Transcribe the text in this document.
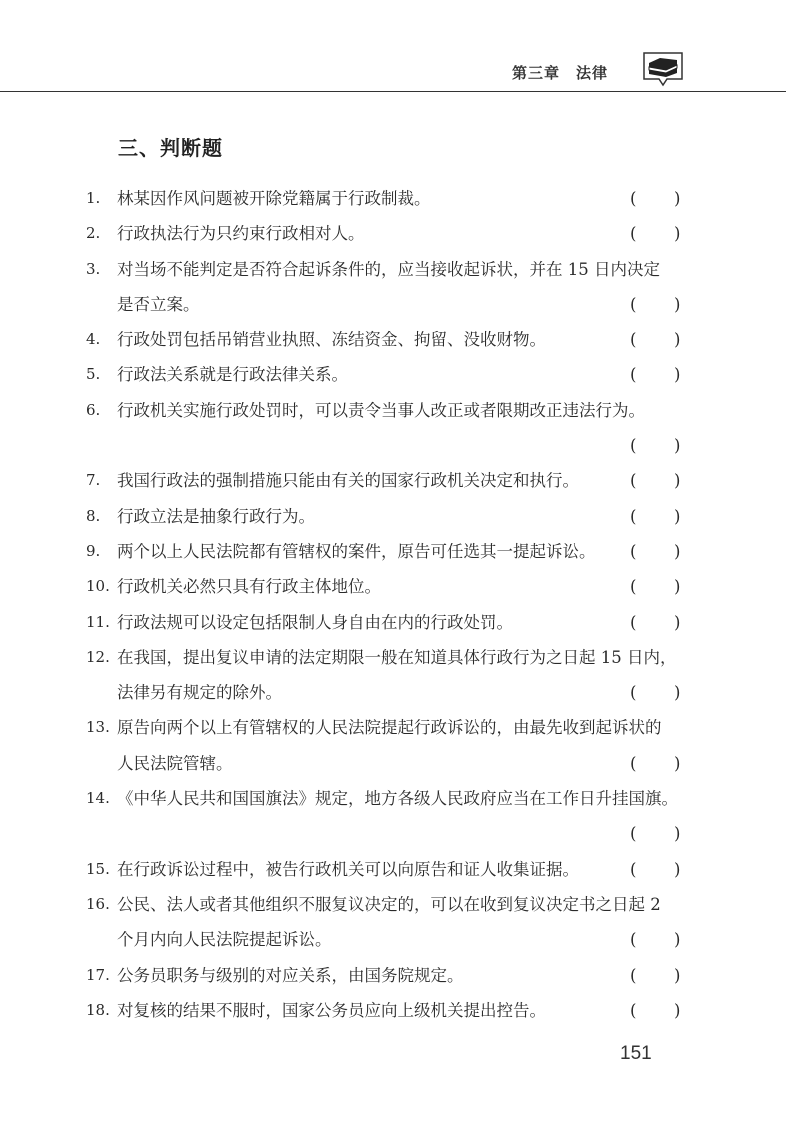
第三章　法律
三、判断题
1. 林某因作风问题被开除党籍属于行政制裁。	( )
2. 行政执法行为只约束行政相对人。	( )
3. 对当场不能判定是否符合起诉条件的，应当接收起诉状，并在 15 日内决定
是否立案。	( )
4. 行政处罚包括吊销营业执照、冻结资金、拘留、没收财物。	( )
5. 行政法关系就是行政法律关系。	( )
6. 行政机关实施行政处罚时，可以责令当事人改正或者限期改正违法行为。
( )
7. 我国行政法的强制措施只能由有关的国家行政机关决定和执行。	( )
8. 行政立法是抽象行政行为。	( )
9. 两个以上人民法院都有管辖权的案件，原告可任选其一提起诉讼。 ( )
10. 行政机关必然只具有行政主体地位。	( )
11. 行政法规可以设定包括限制人身自由在内的行政处罚。	( )
12. 在我国，提出复议申请的法定期限一般在知道具体行政行为之日起 15 日内，
法律另有规定的除外。	( )
13. 原告向两个以上有管辖权的人民法院提起行政诉讼的，由最先收到起诉状的
人民法院管辖。	( )
14. 《中华人民共和国国旗法》规定，地方各级人民政府应当在工作日升挂国旗。
( )
15. 在行政诉讼过程中，被告行政机关可以向原告和证人收集证据。	( )
16. 公民、法人或者其他组织不服复议决定的，可以在收到复议决定书之日起 2
个月内向人民法院提起诉讼。	( )
17. 公务员职务与级别的对应关系，由国务院规定。	( )
18. 对复核的结果不服时，国家公务员应向上级机关提出控告。	( )
151
